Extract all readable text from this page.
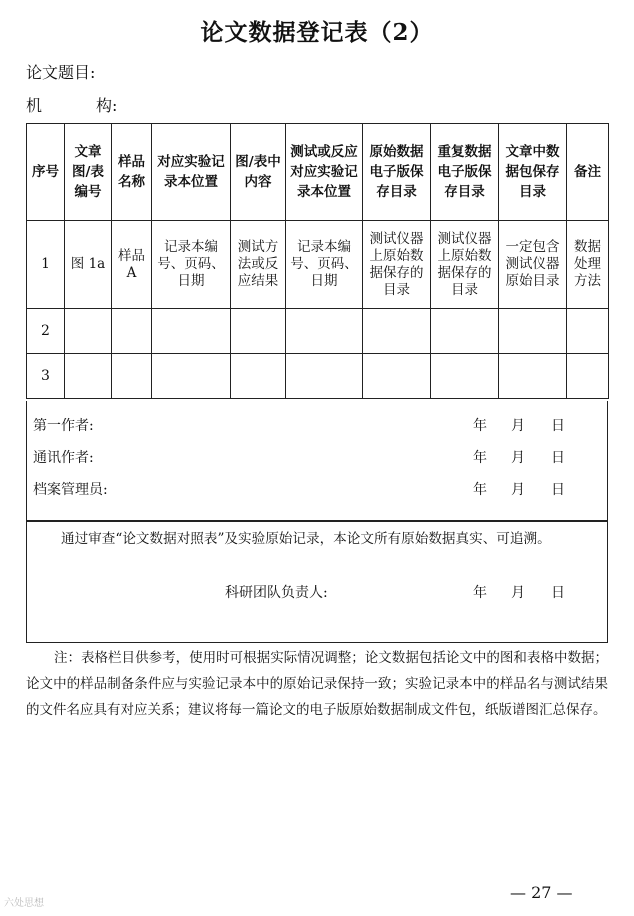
论文数据登记表（2）
论文题目:
机	构:
序号	文章图/表编号	样品名称	对应实验记录本位置	图/表中内容	测试或反应对应实验记录本位置	原始数据电子版保存目录	重复数据电子版保存目录	文章中数据包保存目录	备注
1	图 1a	样品A	记录本编号、页码、日期	测试方法或反应结果	记录本编号、页码、日期	测试仪器上原始数据保存的目录	测试仪器上原始数据保存的目录	一定包含测试仪器原始目录	数据处理方法
2									
3									
第一作者:	年 月 日
通讯作者:	年 月 日
档案管理员:	年 月 日
通过审查“论文数据对照表”及实验原始记录，本论文所有原始数据真实、可追溯。
科研团队负责人:	年 月 日
注：表格栏目供参考，使用时可根据实际情况调整；论文数据包括论文中的图和表格中数据；论文中的样品制备条件应与实验记录本中的原始记录保持一致；实验记录本中的样品名与测试结果的文件名应具有对应关系；建议将每一篇论文的电子版原始数据制成文件包，纸版谱图汇总保存。
— 27 —
六处思想
